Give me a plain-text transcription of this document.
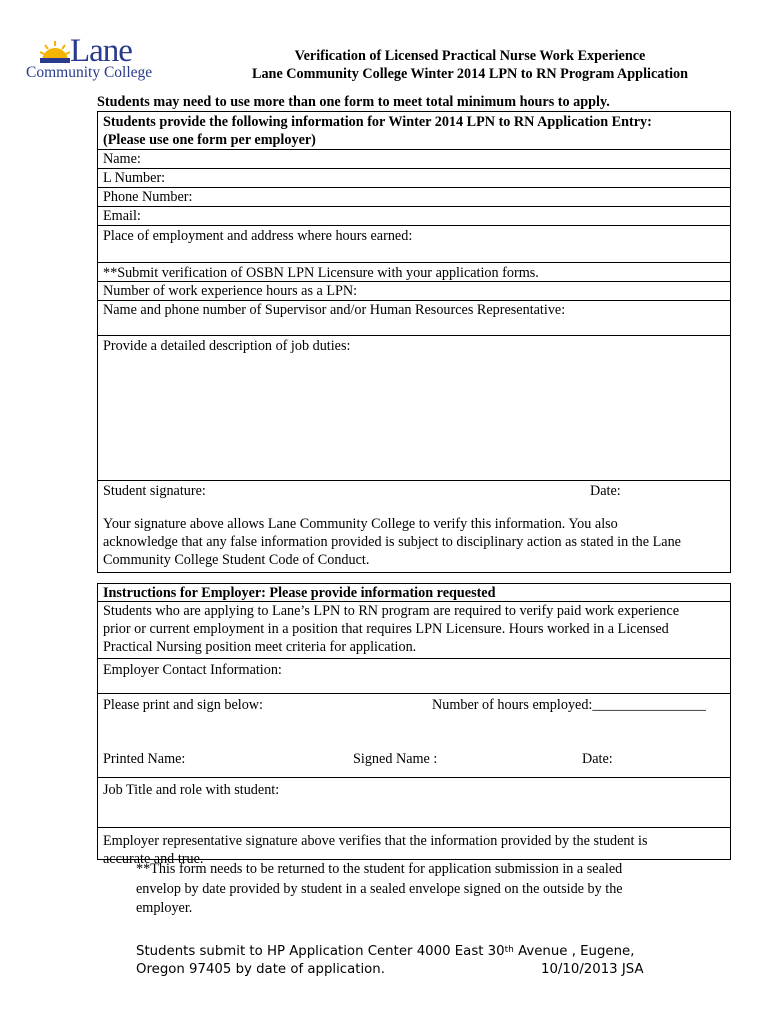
Lane
Community College
Verification of Licensed Practical Nurse Work Experience
Lane Community College Winter 2014 LPN to RN Program Application
Students may need to use more than one form to meet total minimum hours to apply.
Students provide the following information for Winter 2014 LPN to RN Application Entry:
(Please use one form per employer)
Name:
L Number:
Phone Number:
Email:
Place of employment and address where hours earned:
**Submit verification of OSBN LPN Licensure with your application forms.
Number of work experience hours as a LPN:
Name and phone number of Supervisor and/or Human Resources Representative:
Provide a detailed description of job duties:
Student signature:	Date:
Your signature above allows Lane Community College to verify this information. You also
acknowledge that any false information provided is subject to disciplinary action as stated in the Lane
Community College Student Code of Conduct.
Instructions for Employer: Please provide information requested
Students who are applying to Lane’s LPN to RN program are required to verify paid work experience
prior or current employment in a position that requires LPN Licensure. Hours worked in a Licensed
Practical Nursing position meet criteria for application.
Employer Contact Information:
Please print and sign below:	Number of hours employed:________________
Printed Name:	Signed Name :	Date:
Job Title and role with student:
Employer representative signature above verifies that the information provided by the student is
accurate and true.
**This form needs to be returned to the student for application submission in a sealed
envelop by date provided by student in a sealed envelope signed on the outside by the
employer.
Students submit to HP Application Center 4000 East 30th Avenue , Eugene,
Oregon 97405 by date of application.	10/10/2013 JSA
